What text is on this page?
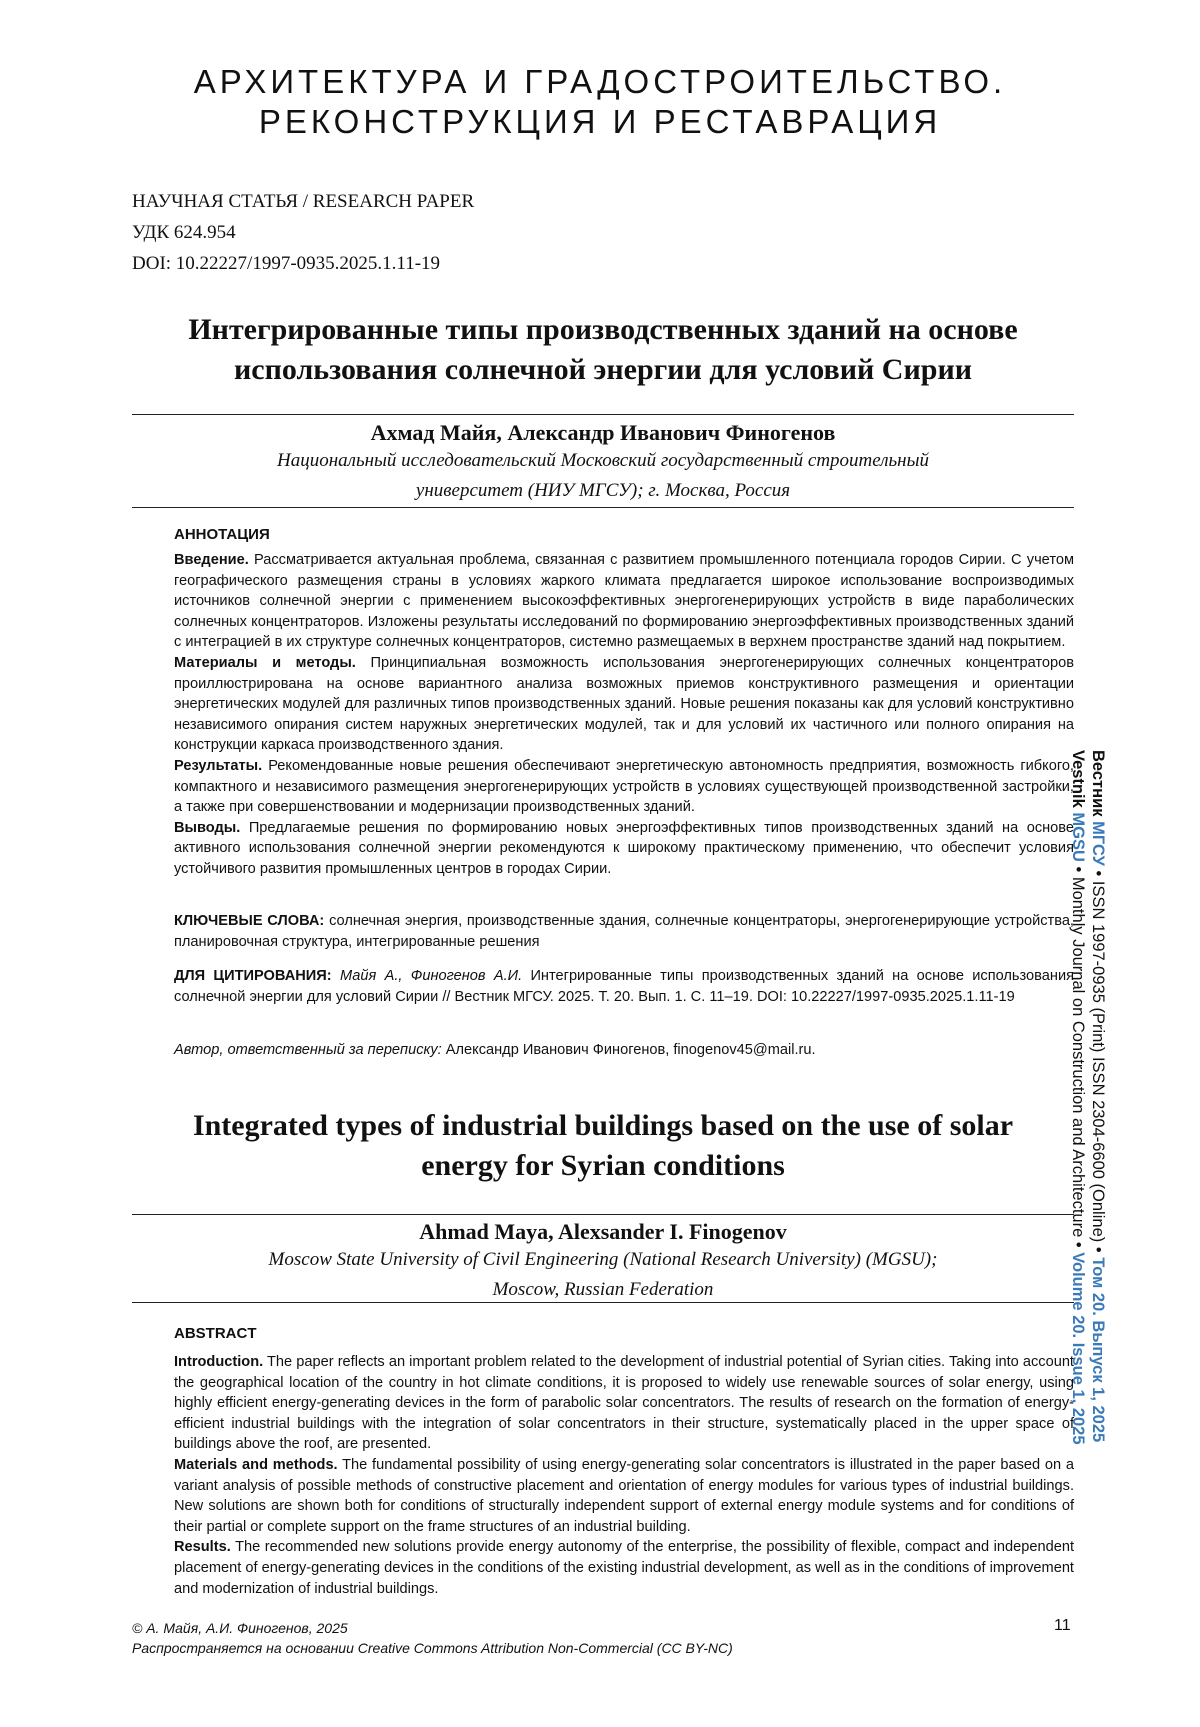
АРХИТЕКТУРА И ГРАДОСТРОИТЕЛЬСТВО.
РЕКОНСТРУКЦИЯ И РЕСТАВРАЦИЯ
НАУЧНАЯ СТАТЬЯ / RESEARCH PAPER
УДК 624.954
DOI: 10.22227/1997-0935.2025.1.11-19
Интегрированные типы производственных зданий на основе
использования солнечной энергии для условий Сирии
Ахмад Майя, Александр Иванович Финогенов
Национальный исследовательский Московский государственный строительный
университет (НИУ МГСУ); г. Москва, Россия
АННОТАЦИЯ

Введение. Рассматривается актуальная проблема, связанная с развитием промышленного потенциала городов Сирии. С учетом географического размещения страны в условиях жаркого климата предлагается широкое использование воспроизводимых источников солнечной энергии с применением высокоэффективных энергогенерирующих устройств в виде параболических солнечных концентраторов. Изложены результаты исследований по формированию энергоэффективных производственных зданий с интеграцией в их структуре солнечных концентраторов, системно размещаемых в верхнем пространстве зданий над покрытием.

Материалы и методы. Принципиальная возможность использования энергогенерирующих солнечных концентраторов проиллюстрирована на основе вариантного анализа возможных приемов конструктивного размещения и ориентации энергетических модулей для различных типов производственных зданий. Новые решения показаны как для условий конструктивно независимого опирания систем наружных энергетических модулей, так и для условий их частичного или полного опирания на конструкции каркаса производственного здания.

Результаты. Рекомендованные новые решения обеспечивают энергетическую автономность предприятия, возможность гибкого, компактного и независимого размещения энергогенерирующих устройств в условиях существующей производственной застройки, а также при совершенствовании и модернизации производственных зданий.

Выводы. Предлагаемые решения по формированию новых энергоэффективных типов производственных зданий на основе активного использования солнечной энергии рекомендуются к широкому практическому применению, что обеспечит условия устойчивого развития промышленных центров в городах Сирии.

КЛЮЧЕВЫЕ СЛОВА: солнечная энергия, производственные здания, солнечные концентраторы, энергогенерирующие устройства, планировочная структура, интегрированные решения

ДЛЯ ЦИТИРОВАНИЯ: Майя А., Финогенов А.И. Интегрированные типы производственных зданий на основе использования солнечной энергии для условий Сирии // Вестник МГСУ. 2025. Т. 20. Вып. 1. С. 11–19. DOI: 10.22227/1997-0935.2025.1.11-19

Автор, ответственный за переписку: Александр Иванович Финогенов, finogenov45@mail.ru.

Integrated types of industrial buildings based on the use of solar
energy for Syrian conditions
Ahmad Maya, Alexsander I. Finogenov
Moscow State University of Civil Engineering (National Research University) (MGSU);
Moscow, Russian Federation
ABSTRACT

Introduction. The paper reflects an important problem related to the development of industrial potential of Syrian cities. Taking into account the geographical location of the country in hot climate conditions, it is proposed to widely use renewable sources of solar energy, using highly efficient energy-generating devices in the form of parabolic solar concentrators. The results of research on the formation of energy-efficient industrial buildings with the integration of solar concentrators in their structure, systematically placed in the upper space of buildings above the roof, are presented.

Materials and methods. The fundamental possibility of using energy-generating solar concentrators is illustrated in the paper based on a variant analysis of possible methods of constructive placement and orientation of energy modules for various types of industrial buildings. New solutions are shown both for conditions of structurally independent support of external energy module systems and for conditions of their partial or complete support on the frame structures of an industrial building.

Results. The recommended new solutions provide energy autonomy of the enterprise, the possibility of flexible, compact and independent placement of energy-generating devices in the conditions of the existing industrial development, as well as in the conditions of improvement and modernization of industrial buildings.

© А. Майя, А.И. Финогенов, 2025
Распространяется на основании Creative Commons Attribution Non-Commercial (CC BY-NC)
11
Вестник МГСУ • ISSN 1997-0935 (Print) ISSN 2304-6600 (Online) • Том 20. Выпуск 1, 2025
Vestnik MGSU • Monthly Journal on Construction and Architecture • Volume 20. Issue 1, 2025
